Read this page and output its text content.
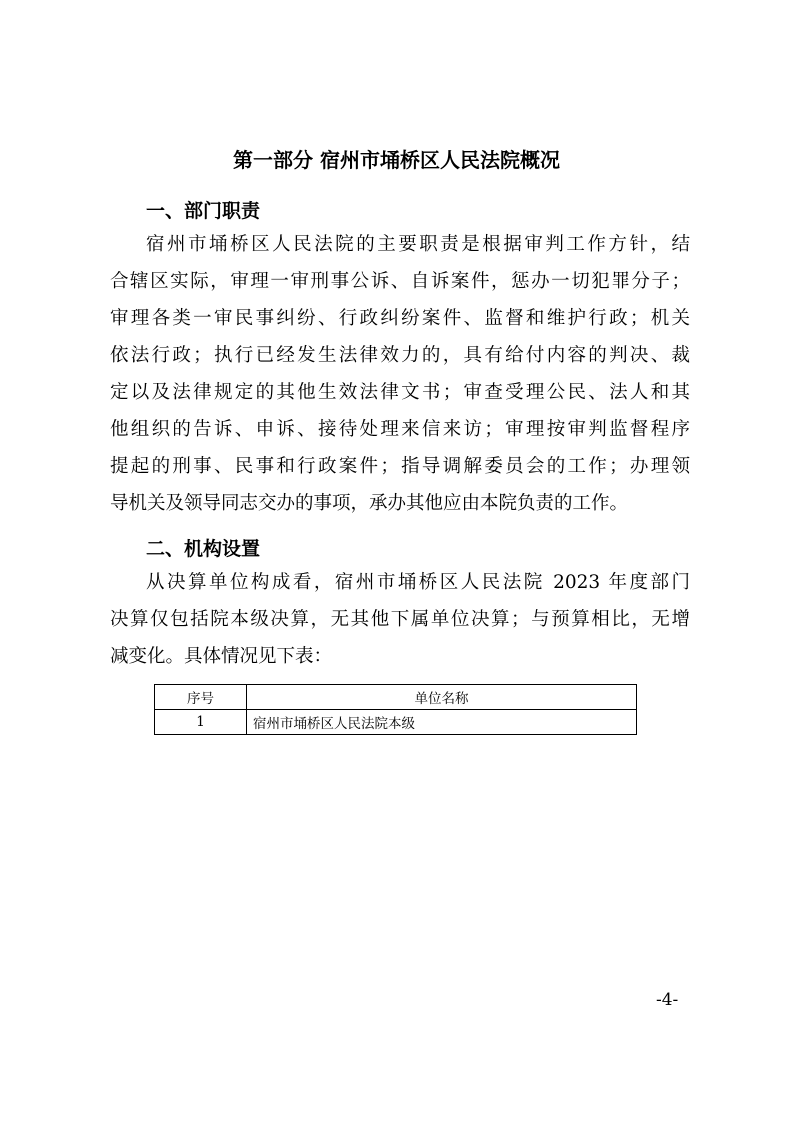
第一部分 宿州市埇桥区人民法院概况
一、部门职责
宿州市埇桥区人民法院的主要职责是根据审判工作方针，结
合辖区实际，审理一审刑事公诉、自诉案件，惩办一切犯罪分子；
审理各类一审民事纠纷、行政纠纷案件、监督和维护行政；机关
依法行政；执行已经发生法律效力的，具有给付内容的判决、裁
定以及法律规定的其他生效法律文书；审查受理公民、法人和其
他组织的告诉、申诉、接待处理来信来访；审理按审判监督程序
提起的刑事、民事和行政案件；指导调解委员会的工作；办理领
导机关及领导同志交办的事项，承办其他应由本院负责的工作。
二、机构设置
从决算单位构成看，宿州市埇桥区人民法院 2023 年度部门
决算仅包括院本级决算，无其他下属单位决算；与预算相比，无增
减变化。具体情况见下表：
序号	单位名称
1	宿州市埇桥区人民法院本级
-4-
